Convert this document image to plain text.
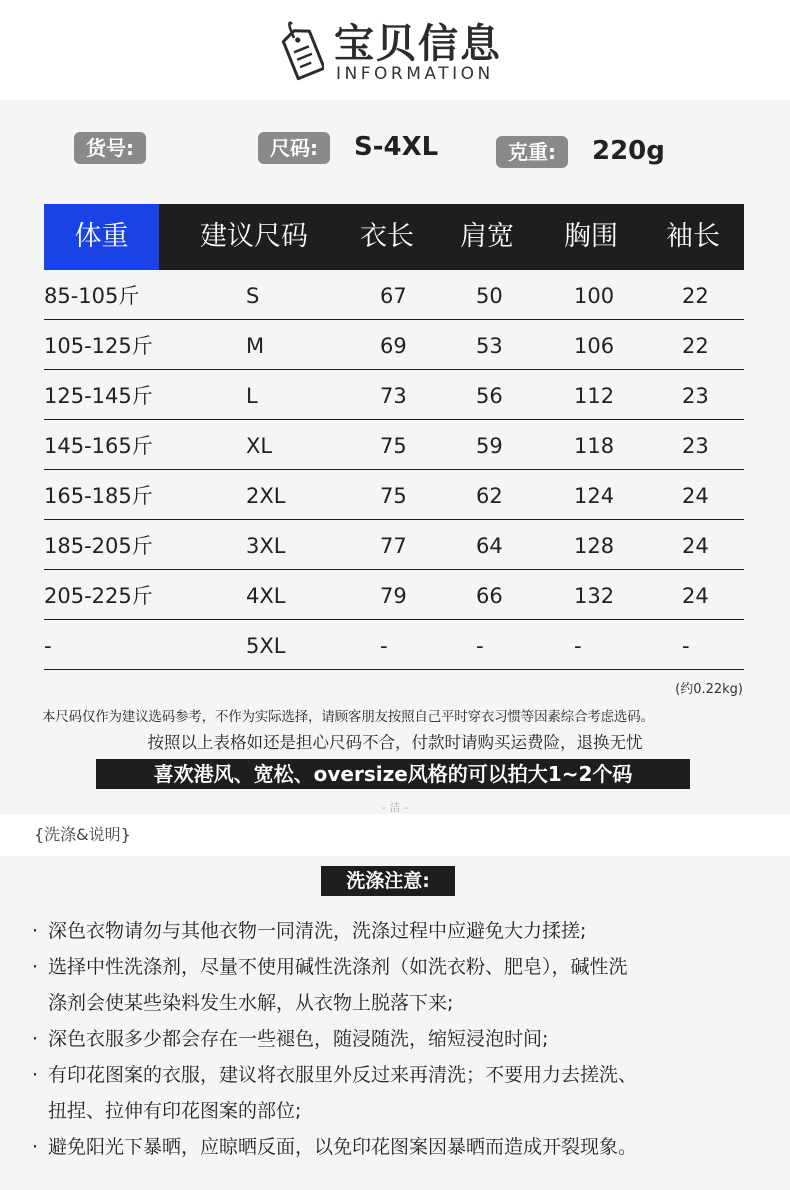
宝贝信息
INFORMATION
货号:	尺码:	S-4XL	克重:	220g
体重	建议尺码 衣长 肩宽 胸围 袖长
85-105斤	S	67	50	100	22
105-125斤	M	69	53	106	22
125-145斤	L	73	56	112	23
145-165斤	XL	75	59	118	23
165-185斤	2XL	75	62	124	24
185-205斤	3XL	77	64	128	24
205-225斤	4XL	79	66	132	24
-	5XL	-	-	-	-
(约0.22kg)
本尺码仅作为建议选码参考，不作为实际选择，请顾客朋友按照自己平时穿衣习惯等因素综合考虑选码。
按照以上表格如还是担心尺码不合，付款时请购买运费险，退换无忧
喜欢港风、宽松、oversize风格的可以拍大1~2个码
- 洁 -
{洗涤&说明}
洗涤注意:
· 深色衣物请勿与其他衣物一同清洗，洗涤过程中应避免大力揉搓;
· 选择中性洗涤剂，尽量不使用碱性洗涤剂（如洗衣粉、肥皂），碱性洗
涤剂会使某些染料发生水解，从衣物上脱落下来;
· 深色衣服多少都会存在一些褪色，随浸随洗，缩短浸泡时间;
· 有印花图案的衣服，建议将衣服里外反过来再清洗；不要用力去搓洗、
扭捏、拉伸有印花图案的部位;
· 避免阳光下暴晒，应晾晒反面，以免印花图案因暴晒而造成开裂现象。
